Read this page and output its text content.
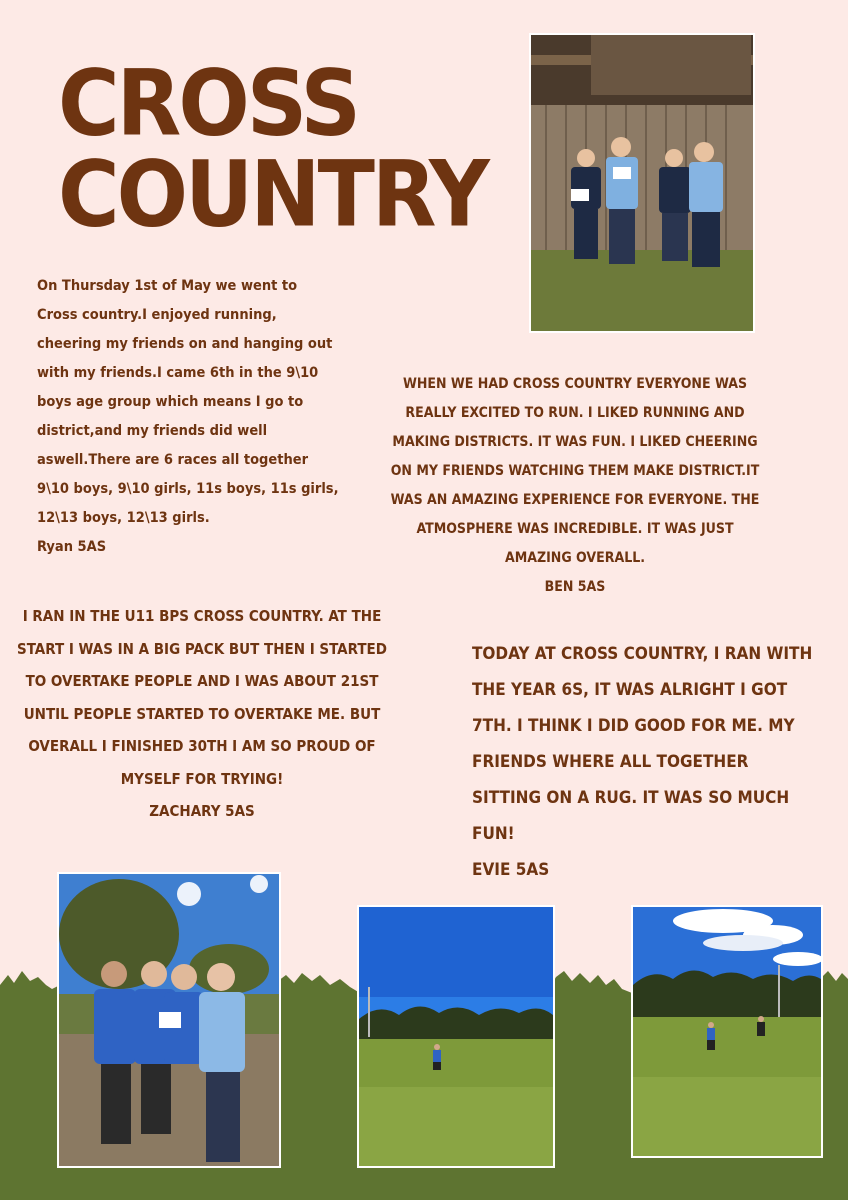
CROSS
COUNTRY

On Thursday 1st of May we went to
Cross country.I enjoyed running,
cheering my friends on and hanging out
with my friends.I came 6th in the 9\10
boys age group which means I go to
district,and my friends did well
aswell.There are 6 races all together
9\10 boys, 9\10 girls, 11s boys, 11s girls,
12\13 boys, 12\13 girls.

Ryan 5AS

WHEN WE HAD CROSS COUNTRY EVERYONE WAS REALLY EXCITED TO RUN. I LIKED RUNNING AND MAKING DISTRICTS. IT WAS FUN. I LIKED CHEERING ON MY FRIENDS WATCHING THEM MAKE DISTRICT.IT WAS AN AMAZING EXPERIENCE FOR EVERYONE. THE ATMOSPHERE WAS INCREDIBLE. IT WAS JUST AMAZING OVERALL.

BEN 5AS

I RAN IN THE U11 BPS CROSS COUNTRY. AT THE START I WAS IN A BIG PACK BUT THEN I STARTED TO OVERTAKE PEOPLE AND I WAS ABOUT 21ST UNTIL PEOPLE STARTED TO OVERTAKE ME. BUT OVERALL I FINISHED 30TH I AM SO PROUD OF MYSELF FOR TRYING!

ZACHARY 5AS

TODAY AT CROSS COUNTRY, I RAN WITH THE YEAR 6S, IT WAS ALRIGHT I GOT 7TH. I THINK I DID GOOD FOR ME. MY FRIENDS WHERE ALL TOGETHER SITTING ON A RUG. IT WAS SO MUCH FUN!

EVIE 5AS
